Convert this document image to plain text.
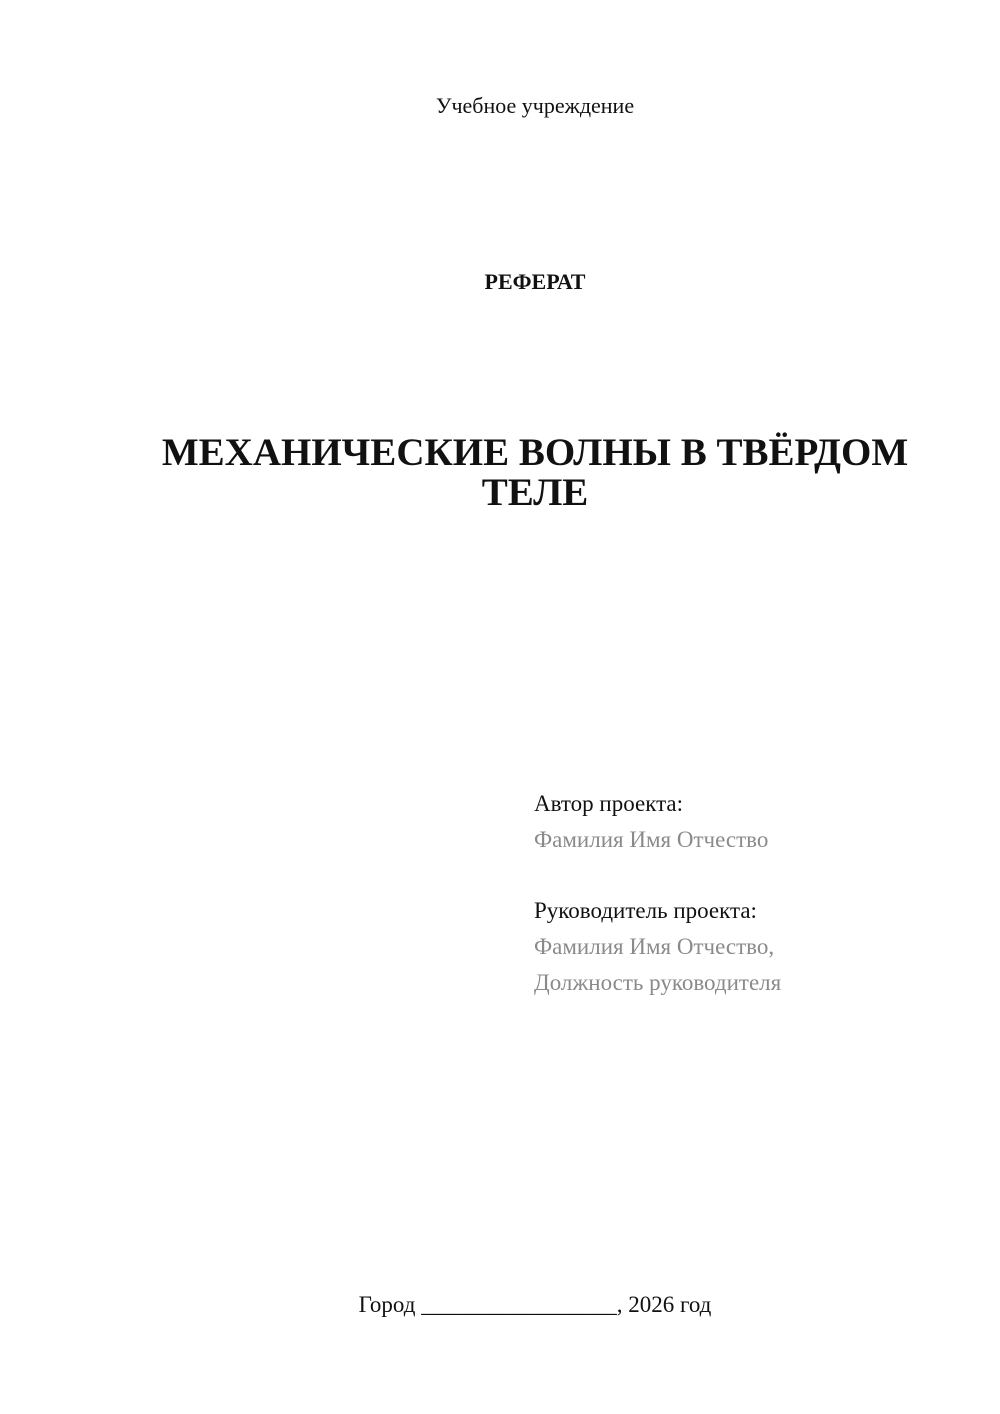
Учебное учреждение
РЕФЕРАТ
МЕХАНИЧЕСКИЕ ВОЛНЫ В ТВЁРДОМ
ТЕЛЕ
Автор проекта:
Фамилия Имя Отчество
Руководитель проекта:
Фамилия Имя Отчество,
Должность руководителя
Город _________________, 2026 год
